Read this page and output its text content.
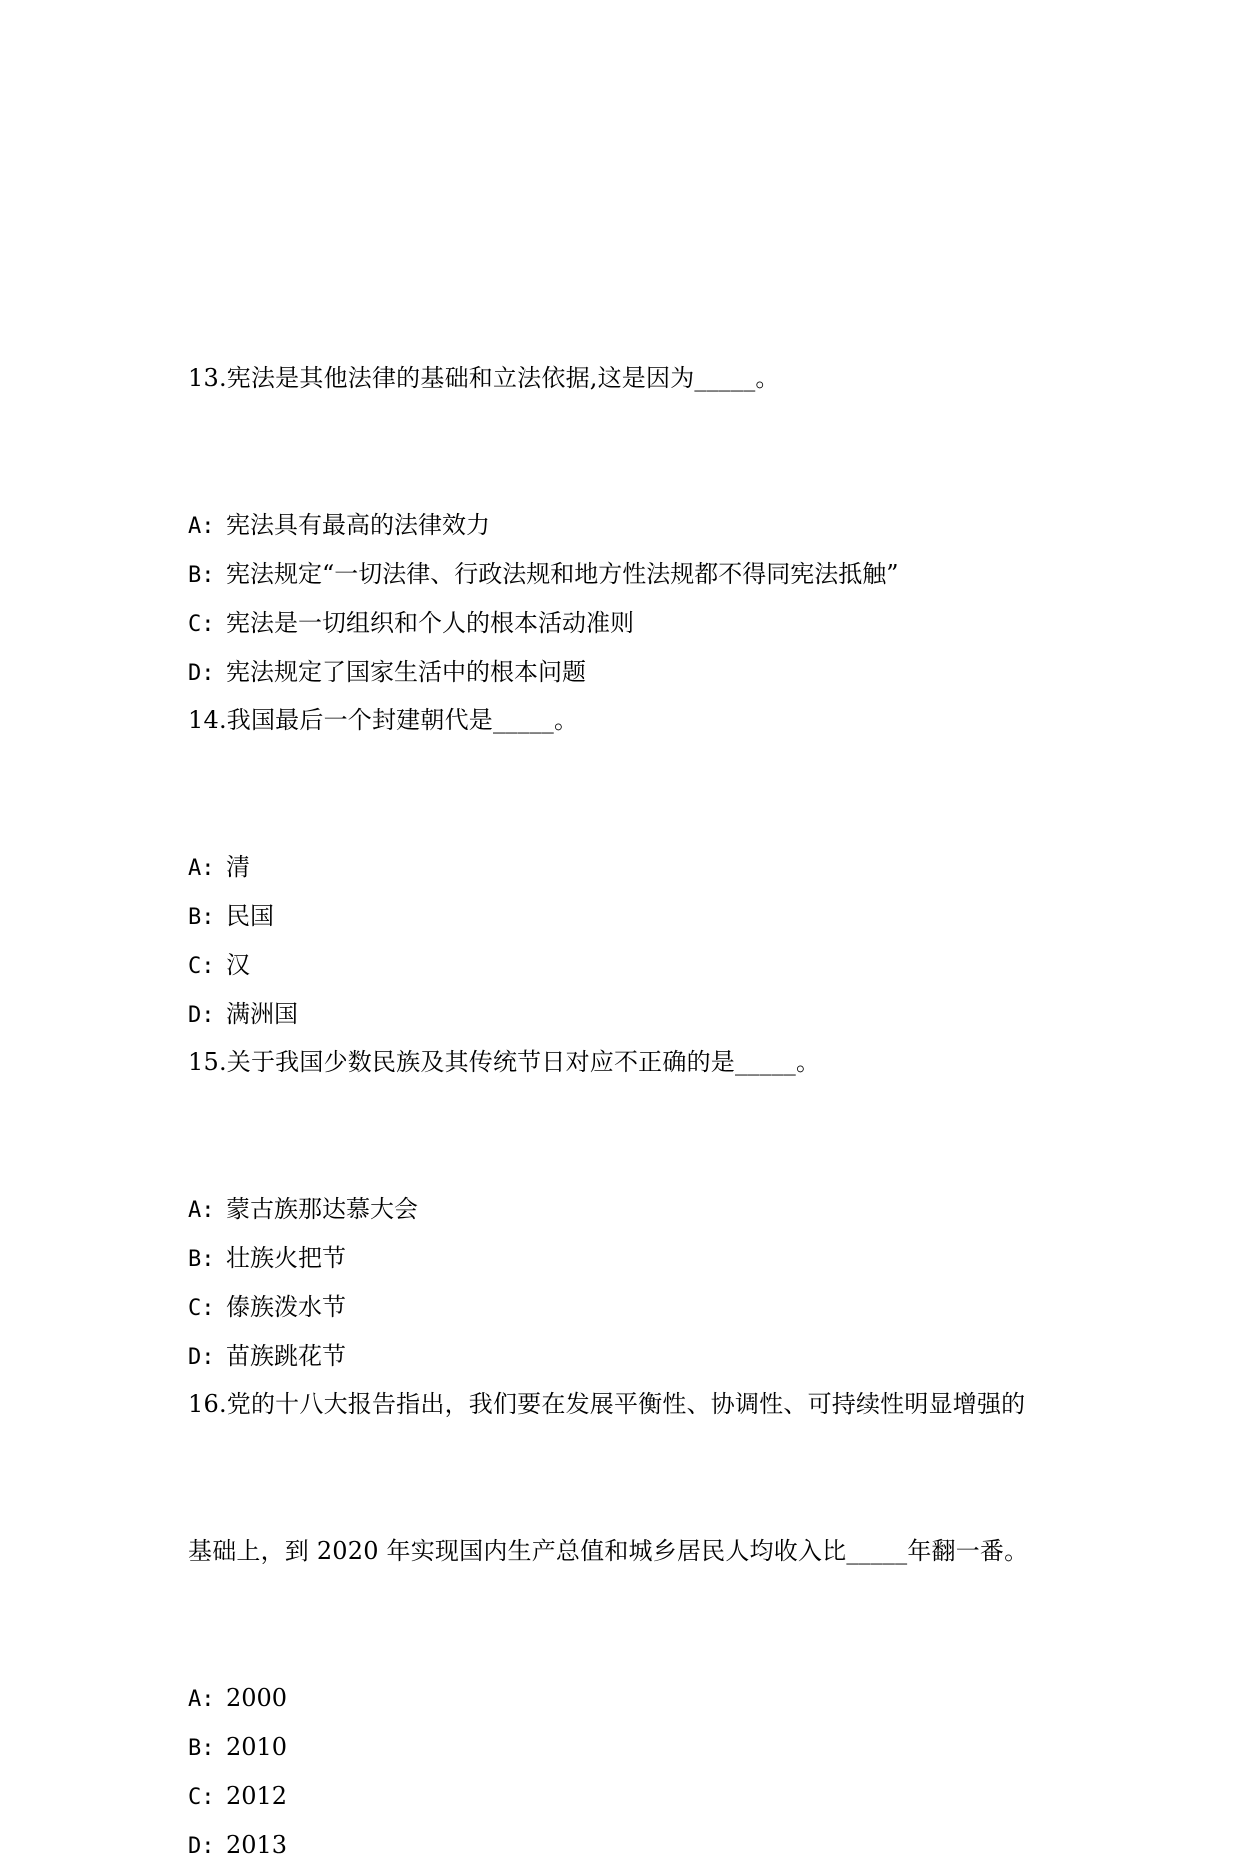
13.宪法是其他法律的基础和立法依据,这是因为_____。

A: 宪法具有最高的法律效力
B: 宪法规定“一切法律、行政法规和地方性法规都不得同宪法抵触”
C: 宪法是一切组织和个人的根本活动准则
D: 宪法规定了国家生活中的根本问题

14.我国最后一个封建朝代是_____。

A: 清
B: 民国
C: 汉
D: 满洲国

15.关于我国少数民族及其传统节日对应不正确的是_____。

A: 蒙古族那达慕大会
B: 壮族火把节
C: 傣族泼水节
D: 苗族跳花节

16.党的十八大报告指出，我们要在发展平衡性、协调性、可持续性明显增强的

基础上，到 2020 年实现国内生产总值和城乡居民人均收入比_____年翻一番。

A: 2000
B: 2010
C: 2012
D: 2013
